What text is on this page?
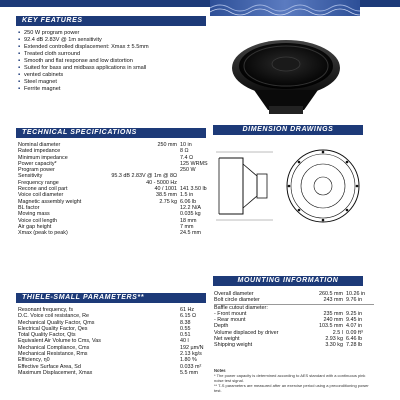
KEY FEATURES
▪ 250 W program power
▪ 92.4 dB 2.83V @ 1m sensitivity
▪ Extended controlled displacement: Xmax ± 5.5mm
▪ Treated cloth surround
▪ Smooth and flat response and low distortion
▪ Suited for bass and midbass applications in small
▪ vented cabinets
▪ Steel magnet
▪ Ferrite magnet
TECHNICAL SPECIFICATIONS
Nominal diameter	250 mm	10 in
Rated impedance		8 Ω
Minimum impedance		7.4 Ω
Power capacity*		125 WRMS
Program power		250 W
Sensitivity	95.3 dB 2.83V @ 1m @ 8Ω	
Frequency range	40 - 5000 Hz	
Recone and coil part	40 / 1001	141 3.50 lb
Voice coil diameter	38.5 mm	1.5 in
Magnetic assembly weight	2.75 kg	6.06 lb
BL factor		12.2 N/A
Moving mass		0.035 kg
Voice coil length		18 mm
Air gap height		7 mm
Xmax (peak to peak)		24.5 mm
DIMENSION DRAWINGS
MOUNTING INFORMATION
Overall diameter	260.5 mm	10.26 in
Bolt circle diameter	243 mm	9.76 in
Baffle cutout diameter:		
- Front mount	235 mm	9.25 in
- Rear mount	240 mm	9.45 in
Depth	103.5 mm	4.07 in
Volume displaced by driver	2.5 l	0.09 ft³
Net weight	2.93 kg	6.46 lb
Shipping weight	3.30 kg	7.28 lb
THIELE-SMALL PARAMETERS**
Resonant frequency, fs		61 Hz
D.C. Voice coil resistance, Re		6.15 Ω
Mechanical Quality Factor, Qms		8.38
Electrical Quality Factor, Qes		0.55
Total Quality Factor, Qts		0.51
Equivalent Air Volume to Cms, Vas		40 l
Mechanical Compliance, Cms		192 µm/N
Mechanical Resistance, Rms		2.13 kg/s
Efficiency, η0		1.80 %
Effective Surface Area, Sd		0.033 m²
Maximum Displacement, Xmax		5.5 mm	Notes
* The power capacity is determined according to AES standard with a continuous pink noise test signal.
** T-S parameters are measured after an exercise period using a preconditioning power test.
